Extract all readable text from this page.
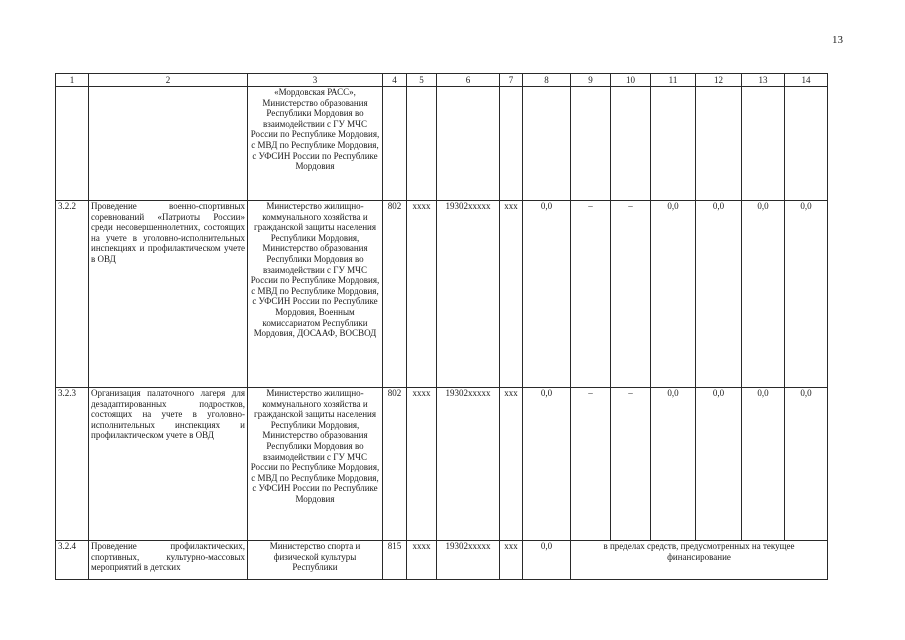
13
1	2	3	4	5	6	7	8	9	10	11	12	13	14
		«Мордовская РАСС», Министерство образования Республики Мордовия во взаимодействии с ГУ МЧС России по Республике Мордовия, с МВД по Республике Мордовия, с УФСИН России по Республике Мордовия											
3.2.2	Проведение военно-спортивных соревнований «Патриоты России» среди несовершеннолетних, состоящих на учете в уголовно-исполнительных инспекциях и профилактическом учете в ОВД	Министерство жилищно-коммунального хозяйства и гражданской защиты населения Республики Мордовия, Министерство образования Республики Мордовия во взаимодействии с ГУ МЧС России по Республике Мордовия, с МВД по Республике Мордовия, с УФСИН России по Республике Мордовия, Военным комиссариатом Республики Мордовия, ДОСААФ, ВОСВОД	802	xxxx	19302xxxxx	xxx	0,0	–	–	0,0	0,0	0,0	0,0
3.2.3	Организация палаточного лагеря для дезадаптированных подростков, состоящих на учете в уголовно-исполнительных инспекциях и профилактическом учете в ОВД	Министерство жилищно-коммунального хозяйства и гражданской защиты населения Республики Мордовия, Министерство образования Республики Мордовия во взаимодействии с ГУ МЧС России по Республике Мордовия, с МВД по Республике Мордовия, с УФСИН России по Республике Мордовия	802	xxxx	19302xxxxx	xxx	0,0	–	–	0,0	0,0	0,0	0,0
3.2.4	Проведение профилактических, спортивных, культурно-массовых мероприятий в детских	Министерство спорта и физической культуры Республики	815	xxxx	19302xxxxx	xxx	0,0	в пределах средств, предусмотренных на текущее финансирование					
